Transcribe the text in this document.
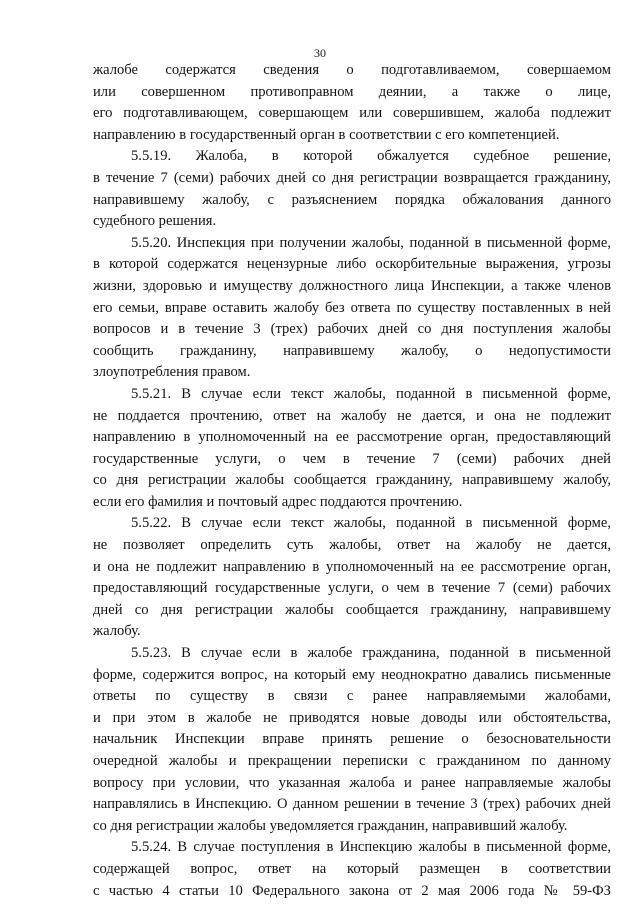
30
жалобе содержатся сведения о подготавливаемом, совершаемом
или совершенном противоправном деянии, а также о лице,
его подготавливающем, совершающем или совершившем, жалоба подлежит
направлению в государственный орган в соответствии с его компетенцией.
5.5.19. Жалоба, в которой обжалуется судебное решение,
в течение 7 (семи) рабочих дней со дня регистрации возвращается гражданину,
направившему жалобу, с разъяснением порядка обжалования данного
судебного решения.
5.5.20. Инспекция при получении жалобы, поданной в письменной форме,
в которой содержатся нецензурные либо оскорбительные выражения, угрозы
жизни, здоровью и имуществу должностного лица Инспекции, а также членов
его семьи, вправе оставить жалобу без ответа по существу поставленных в ней
вопросов и в течение 3 (трех) рабочих дней со дня поступления жалобы
сообщить гражданину, направившему жалобу, о недопустимости
злоупотребления правом.
5.5.21. В случае если текст жалобы, поданной в письменной форме,
не поддается прочтению, ответ на жалобу не дается, и она не подлежит
направлению в уполномоченный на ее рассмотрение орган, предоставляющий
государственные услуги, о чем в течение 7 (семи) рабочих дней
со дня регистрации жалобы сообщается гражданину, направившему жалобу,
если его фамилия и почтовый адрес поддаются прочтению.
5.5.22. В случае если текст жалобы, поданной в письменной форме,
не позволяет определить суть жалобы, ответ на жалобу не дается,
и она не подлежит направлению в уполномоченный на ее рассмотрение орган,
предоставляющий государственные услуги, о чем в течение 7 (семи) рабочих
дней со дня регистрации жалобы сообщается гражданину, направившему
жалобу.
5.5.23. В случае если в жалобе гражданина, поданной в письменной
форме, содержится вопрос, на который ему неоднократно давались письменные
ответы по существу в связи с ранее направляемыми жалобами,
и при этом в жалобе не приводятся новые доводы или обстоятельства,
начальник Инспекции вправе принять решение о безосновательности
очередной жалобы и прекращении переписки с гражданином по данному
вопросу при условии, что указанная жалоба и ранее направляемые жалобы
направлялись в Инспекцию. О данном решении в течение 3 (трех) рабочих дней
со дня регистрации жалобы уведомляется гражданин, направивший жалобу.
5.5.24. В случае поступления в Инспекцию жалобы в письменной форме,
содержащей вопрос, ответ на который размещен в соответствии
с частью 4 статьи 10 Федерального закона от 2 мая 2006 года № 59-ФЗ
